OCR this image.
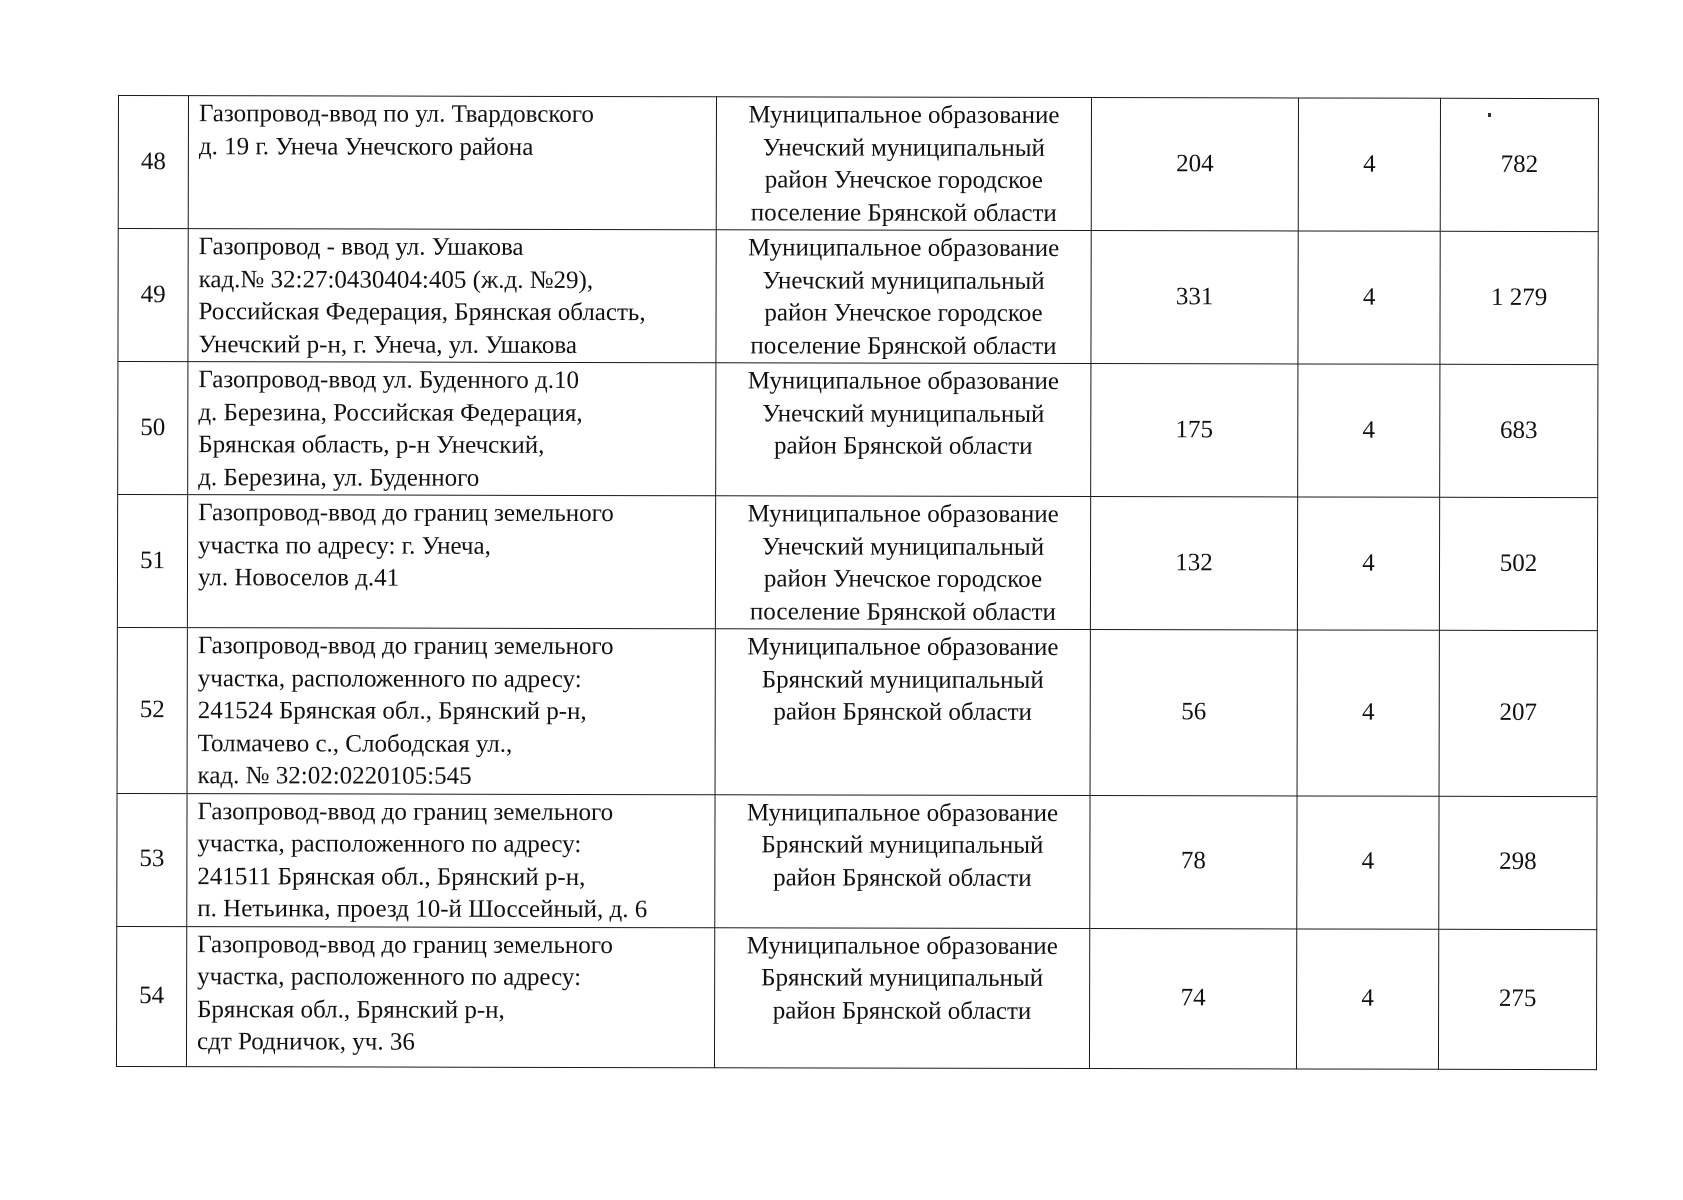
48	Газопровод-ввод по ул. Твардовского
д. 19 г. Унеча Унечского района	Муниципальное образование
Унечский муниципальный
район Унечское городское
поселение Брянской области	204	4	782
49	Газопровод - ввод ул. Ушакова
кад.№ 32:27:0430404:405 (ж.д. №29),
Российская Федерация, Брянская область,
Унечский р-н, г. Унеча, ул. Ушакова	Муниципальное образование
Унечский муниципальный
район Унечское городское
поселение Брянской области	331	4	1 279
50	Газопровод-ввод ул. Буденного д.10
д. Березина, Российская Федерация,
Брянская область, р-н Унечский,
д. Березина, ул. Буденного	Муниципальное образование
Унечский муниципальный
район Брянской области	175	4	683
51	Газопровод-ввод до границ земельного
участка по адресу: г. Унеча,
ул. Новоселов д.41	Муниципальное образование
Унечский муниципальный
район Унечское городское
поселение Брянской области	132	4	502
52	Газопровод-ввод до границ земельного
участка, расположенного по адресу:
241524 Брянская обл., Брянский р-н,
Толмачево с., Слободская ул.,
кад. № 32:02:0220105:545	Муниципальное образование
Брянский муниципальный
район Брянской области	56	4	207
53	Газопровод-ввод до границ земельного
участка, расположенного по адресу:
241511 Брянская обл., Брянский р-н,
п. Нетьинка, проезд 10-й Шоссейный, д. 6	Муниципальное образование
Брянский муниципальный
район Брянской области	78	4	298
54	Газопровод-ввод до границ земельного
участка, расположенного по адресу:
Брянская обл., Брянский р-н,
сдт Родничок, уч. 36	Муниципальное образование
Брянский муниципальный
район Брянской области	74	4	275
